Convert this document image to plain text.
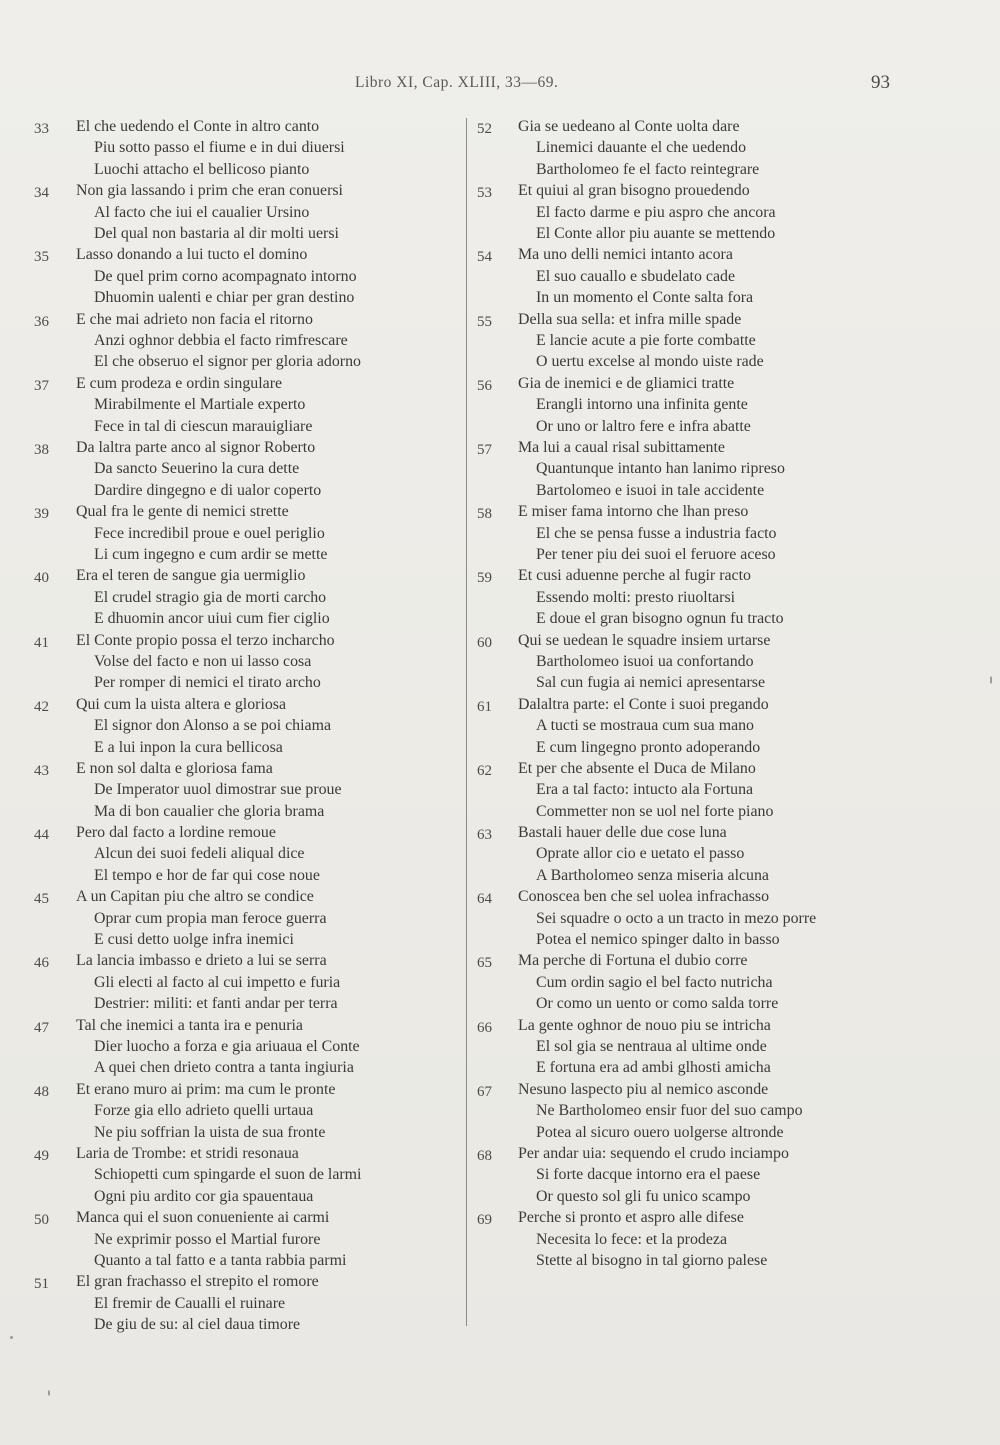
Libro XI, Cap. XLIII, 33—69.	93
33 El che uedendo el Conte in altro canto
Piu sotto passo el fiume e in dui diuersi
Luochi attacho el bellicoso pianto
34 Non gia lassando i prim che eran conuersi
Al facto che iui el caualier Ursino
Del qual non bastaria al dir molti uersi
35 Lasso donando a lui tucto el domino
De quel prim corno acompagnato intorno
Dhuomin ualenti e chiar per gran destino
36 E che mai adrieto non facia el ritorno
Anzi oghnor debbia el facto rimfrescare
El che obseruo el signor per gloria adorno
37 E cum prodeza e ordin singulare
Mirabilmente el Martiale experto
Fece in tal di ciescun marauigliare
38 Da laltra parte anco al signor Roberto
Da sancto Seuerino la cura dette
Dardire dingegno e di ualor coperto
39 Qual fra le gente di nemici strette
Fece incredibil proue e ouel periglio
Li cum ingegno e cum ardir se mette
40 Era el teren de sangue gia uermiglio
El crudel stragio gia de morti carcho
E dhuomin ancor uiui cum fier ciglio
41 El Conte propio possa el terzo incharcho
Volse del facto e non ui lasso cosa
Per romper di nemici el tirato archo
42 Qui cum la uista altera e gloriosa
El signor don Alonso a se poi chiama
E a lui inpon la cura bellicosa
43 E non sol dalta e gloriosa fama
De Imperator uuol dimostrar sue proue
Ma di bon caualier che gloria brama
44 Pero dal facto a lordine remoue
Alcun dei suoi fedeli aliqual dice
El tempo e hor de far qui cose noue
45 A un Capitan piu che altro se condice
Oprar cum propia man feroce guerra
E cusi detto uolge infra inemici
46 La lancia imbasso e drieto a lui se serra
Gli electi al facto al cui impetto e furia
Destrier: militi: et fanti andar per terra
47 Tal che inemici a tanta ira e penuria
Dier luocho a forza e gia ariuaua el Conte
A quei chen drieto contra a tanta ingiuria
48 Et erano muro ai prim: ma cum le pronte
Forze gia ello adrieto quelli urtaua
Ne piu soffrian la uista de sua fronte
49 Laria de Trombe: et stridi resonaua
Schiopetti cum spingarde el suon de larmi
Ogni piu ardito cor gia spauentaua
50 Manca qui el suon conueniente ai carmi
Ne exprimir posso el Martial furore
Quanto a tal fatto e a tanta rabbia parmi
51 El gran frachasso el strepito el romore
El fremir de Caualli el ruinare
De giu de su: al ciel daua timore
52 Gia se uedeano al Conte uolta dare
Linemici dauante el che uedendo
Bartholomeo fe el facto reintegrare
53 Et quiui al gran bisogno prouedendo
El facto darme e piu aspro che ancora
El Conte allor piu auante se mettendo
54 Ma uno delli nemici intanto acora
El suo cauallo e sbudelato cade
In un momento el Conte salta fora
55 Della sua sella: et infra mille spade
E lancie acute a pie forte combatte
O uertu excelse al mondo uiste rade
56 Gia de inemici e de gliamici tratte
Erangli intorno una infinita gente
Or uno or laltro fere e infra abatte
57 Ma lui a caual risal subittamente
Quantunque intanto han lanimo ripreso
Bartolomeo e isuoi in tale accidente
58 E miser fama intorno che lhan preso
El che se pensa fusse a industria facto
Per tener piu dei suoi el feruore aceso
59 Et cusi aduenne perche al fugir racto
Essendo molti: presto riuoltarsi
E doue el gran bisogno ognun fu tracto
60 Qui se uedean le squadre insiem urtarse
Bartholomeo isuoi ua confortando
Sal cun fugia ai nemici apresentarse
61 Dalaltra parte: el Conte i suoi pregando
A tucti se mostraua cum sua mano
E cum lingegno pronto adoperando
62 Et per che absente el Duca de Milano
Era a tal facto: intucto ala Fortuna
Commetter non se uol nel forte piano
63 Bastali hauer delle due cose luna
Oprate allor cio e uetato el passo
A Bartholomeo senza miseria alcuna
64 Conoscea ben che sel uolea infrachasso
Sei squadre o octo a un tracto in mezo porre
Potea el nemico spinger dalto in basso
65 Ma perche di Fortuna el dubio corre
Cum ordin sagio el bel facto nutricha
Or como un uento or como salda torre
66 La gente oghnor de nouo piu se intricha
El sol gia se nentraua al ultime onde
E fortuna era ad ambi glhosti amicha
67 Nesuno laspecto piu al nemico asconde
Ne Bartholomeo ensir fuor del suo campo
Potea al sicuro ouero uolgerse altronde
68 Per andar uia: sequendo el crudo inciampo
Si forte dacque intorno era el paese
Or questo sol gli fu unico scampo
69 Perche si pronto et aspro alle difese
Necesita lo fece: et la prodeza
Stette al bisogno in tal giorno palese
